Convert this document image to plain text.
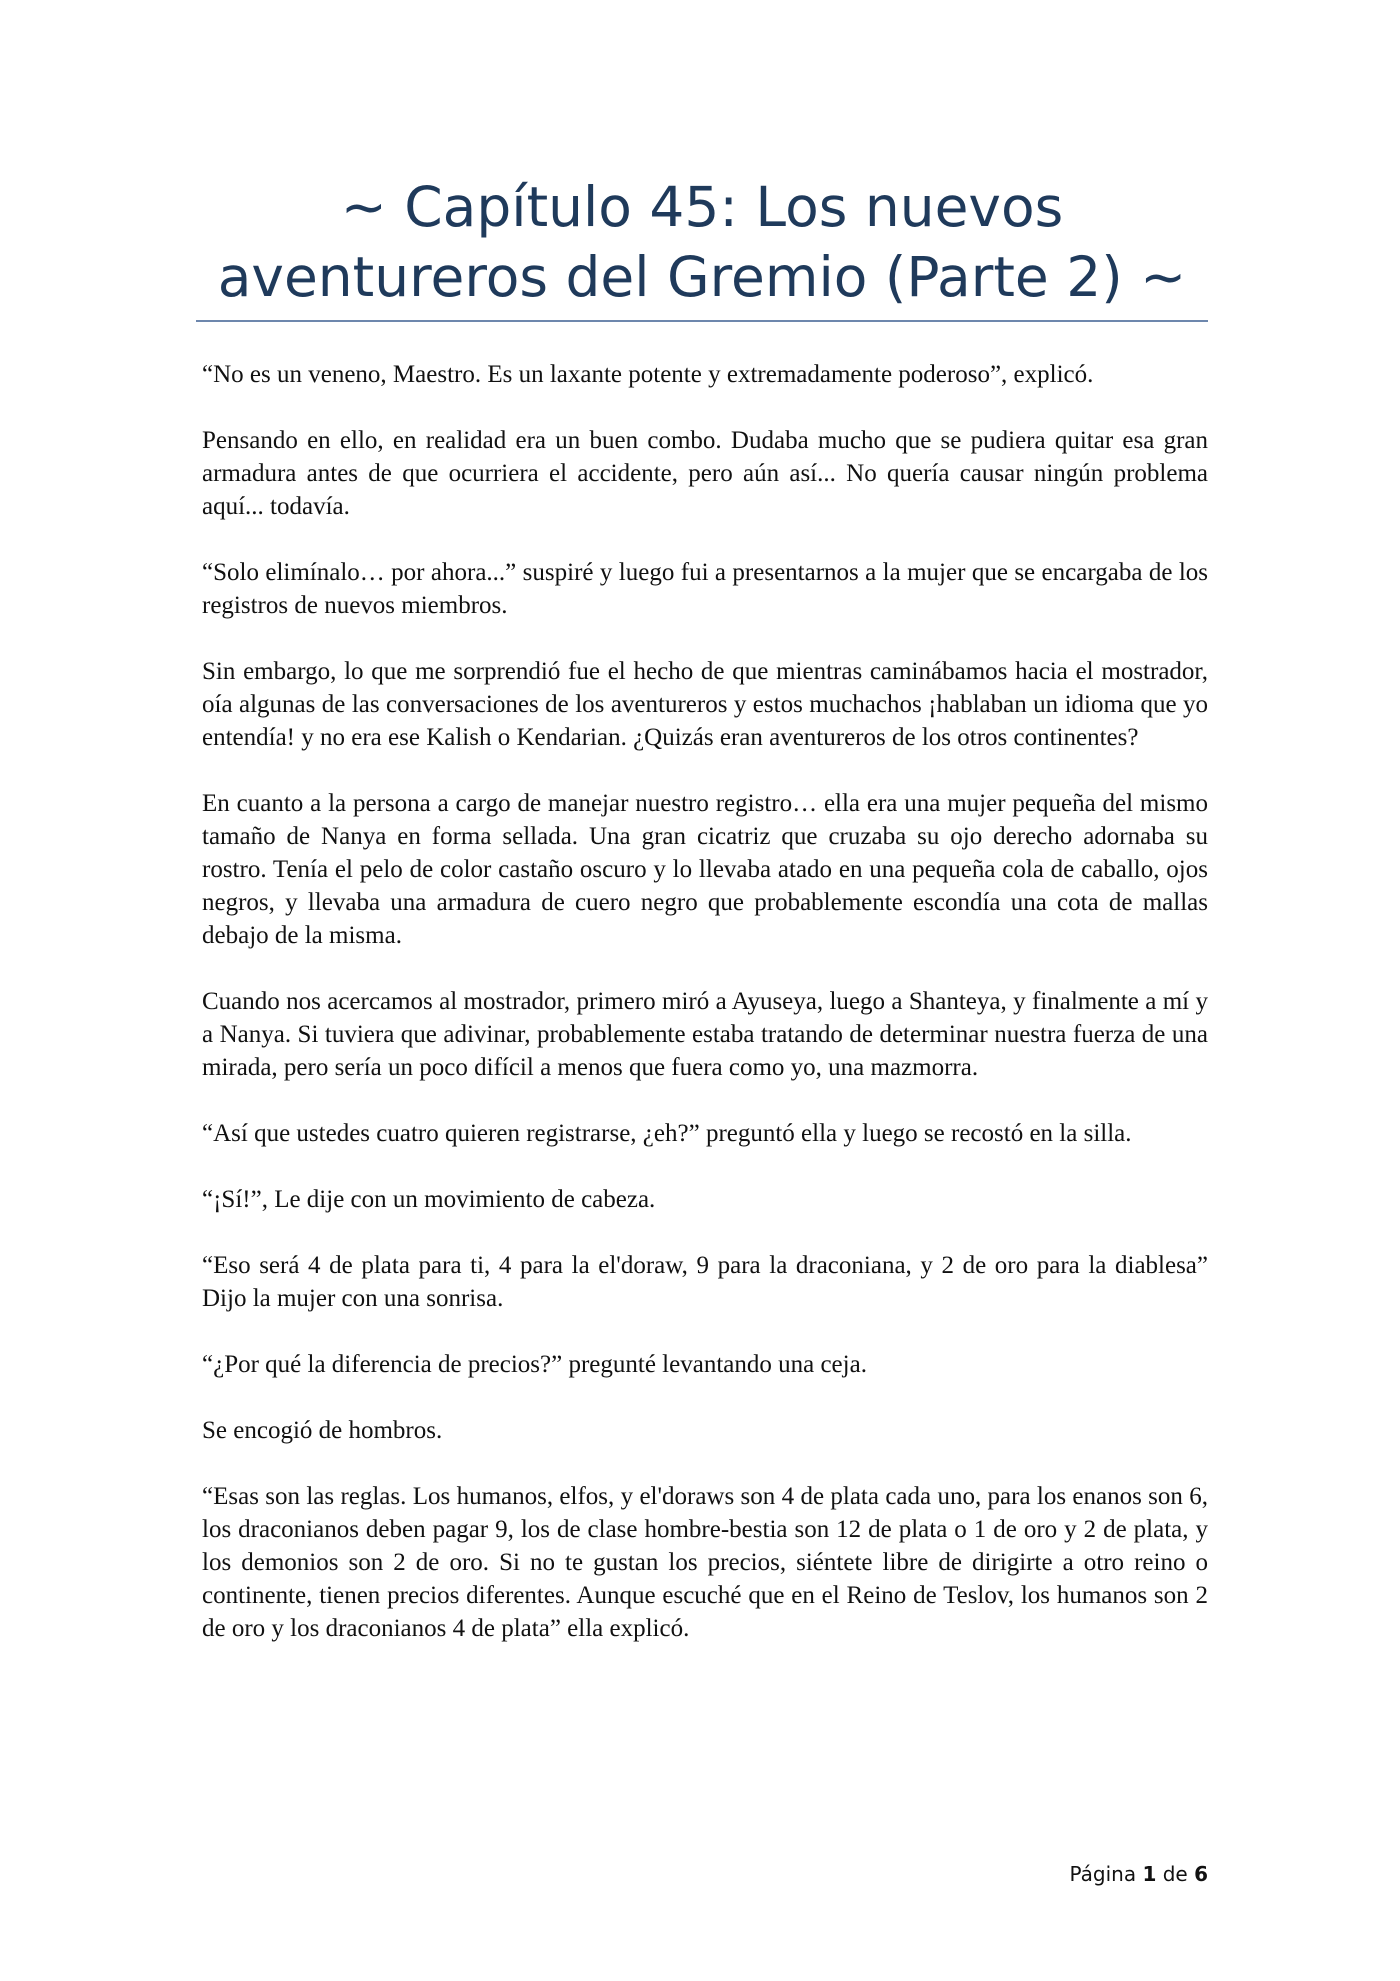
~ Capítulo 45: Los nuevos
aventureros del Gremio (Parte 2) ~

“No es un veneno, Maestro. Es un laxante potente y extremadamente poderoso”, explicó.

Pensando en ello, en realidad era un buen combo. Dudaba mucho que se pudiera quitar esa gran armadura antes de que ocurriera el accidente, pero aún así... No quería causar ningún problema aquí... todavía.

“Solo elimínalo… por ahora...” suspiré y luego fui a presentarnos a la mujer que se encargaba de los registros de nuevos miembros.

Sin embargo, lo que me sorprendió fue el hecho de que mientras caminábamos hacia el mostrador, oía algunas de las conversaciones de los aventureros y estos muchachos ¡hablaban un idioma que yo entendía! y no era ese Kalish o Kendarian. ¿Quizás eran aventureros de los otros continentes?

En cuanto a la persona a cargo de manejar nuestro registro… ella era una mujer pequeña del mismo tamaño de Nanya en forma sellada. Una gran cicatriz que cruzaba su ojo derecho adornaba su rostro. Tenía el pelo de color castaño oscuro y lo llevaba atado en una pequeña cola de caballo, ojos negros, y llevaba una armadura de cuero negro que probablemente escondía una cota de mallas debajo de la misma.

Cuando nos acercamos al mostrador, primero miró a Ayuseya, luego a Shanteya, y finalmente a mí y a Nanya. Si tuviera que adivinar, probablemente estaba tratando de determinar nuestra fuerza de una mirada, pero sería un poco difícil a menos que fuera como yo, una mazmorra.

“Así que ustedes cuatro quieren registrarse, ¿eh?” preguntó ella y luego se recostó en la silla.

“¡Sí!”, Le dije con un movimiento de cabeza.

“Eso será 4 de plata para ti, 4 para la el'doraw, 9 para la draconiana, y 2 de oro para la diablesa” Dijo la mujer con una sonrisa.

“¿Por qué la diferencia de precios?” pregunté levantando una ceja.

Se encogió de hombros.

“Esas son las reglas. Los humanos, elfos, y el'doraws son 4 de plata cada uno, para los enanos son 6, los draconianos deben pagar 9, los de clase hombre-bestia son 12 de plata o 1 de oro y 2 de plata, y los demonios son 2 de oro. Si no te gustan los precios, siéntete libre de dirigirte a otro reino o continente, tienen precios diferentes. Aunque escuché que en el Reino de Teslov, los humanos son 2 de oro y los draconianos 4 de plata” ella explicó.

Página 1 de 6
